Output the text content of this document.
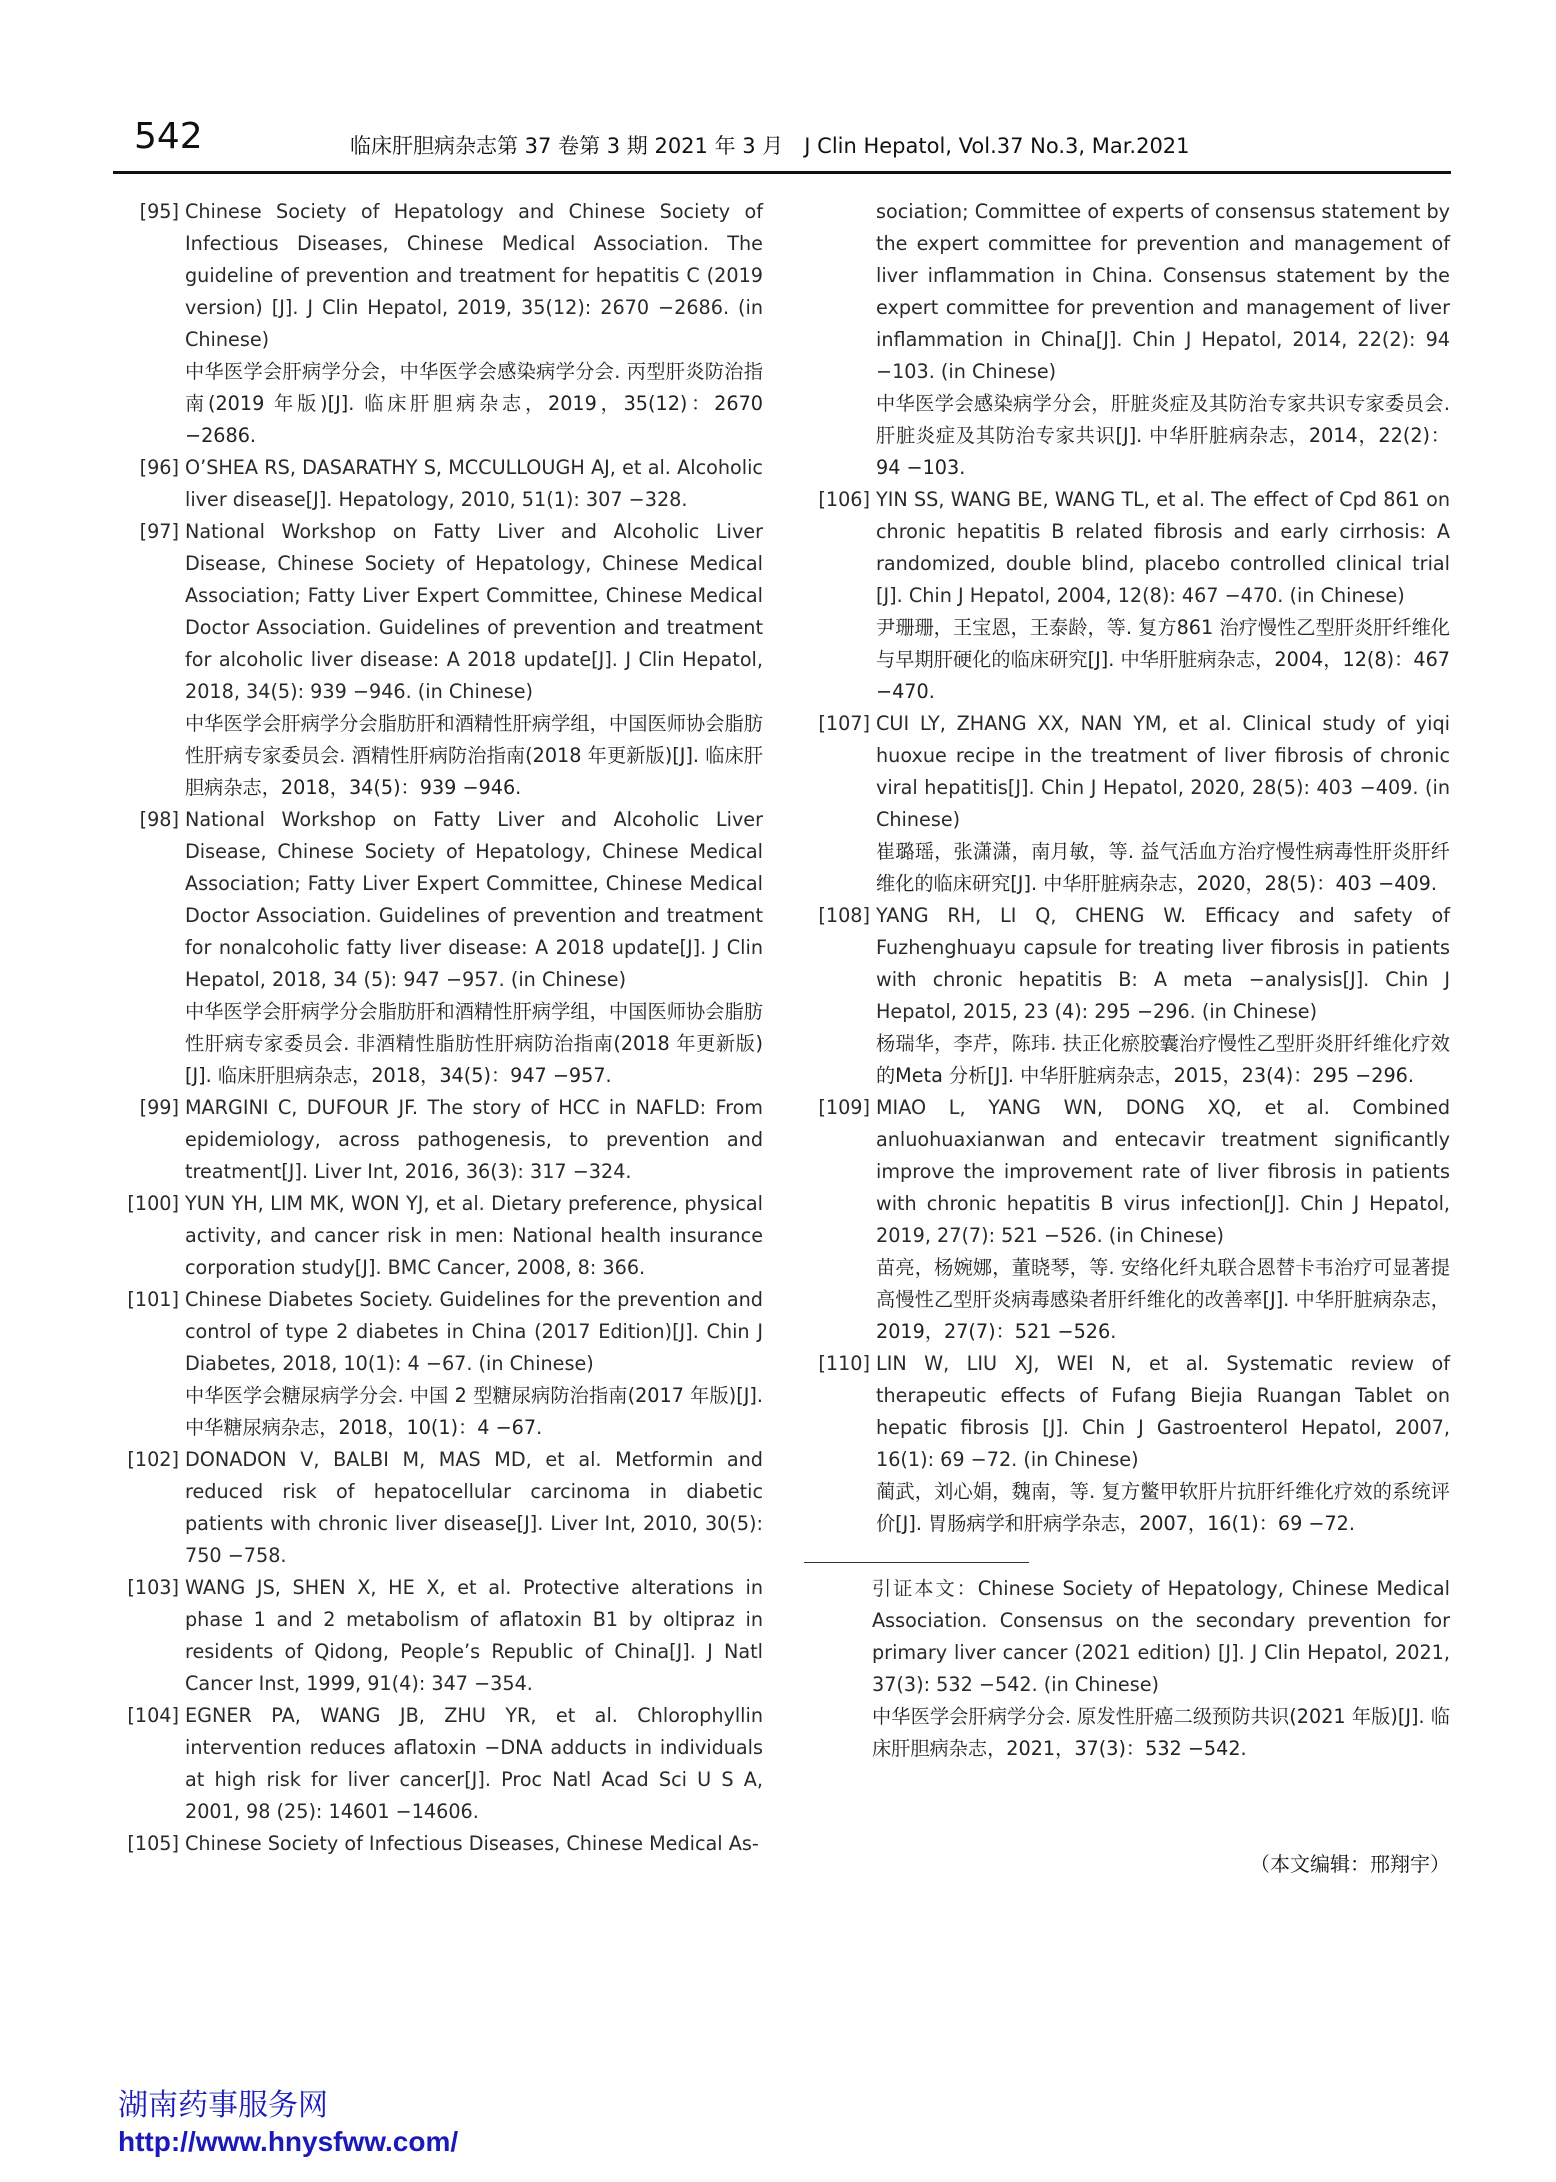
542	临床肝胆病杂志第 37 卷第 3 期 2021 年 3 月　J Clin Hepatol, Vol.37 No.3, Mar.2021
[95] Chinese Society of Hepatology and Chinese Society of Infectious Diseases, Chinese Medical Association. The guideline of prevention and treatment for hepatitis C (2019 version) [J]. J Clin Hepatol, 2019, 35(12): 2670 −2686. (in Chinese)
中华医学会肝病学分会，中华医学会感染病学分会. 丙型肝炎防治指南(2019 年版)[J]. 临床肝胆病杂志，2019，35(12)：2670 −2686.
[96] O’SHEA RS, DASARATHY S, MCCULLOUGH AJ, et al. Alcoholic liver disease[J]. Hepatology, 2010, 51(1): 307 −328.
[97] National Workshop on Fatty Liver and Alcoholic Liver Disease, Chinese Society of Hepatology, Chinese Medical Association; Fatty Liver Expert Committee, Chinese Medical Doctor Association. Guidelines of prevention and treatment for alcoholic liver disease: A 2018 update[J]. J Clin Hepatol, 2018, 34(5): 939 −946. (in Chinese)
中华医学会肝病学分会脂肪肝和酒精性肝病学组，中国医师协会脂肪性肝病专家委员会. 酒精性肝病防治指南(2018 年更新版)[J]. 临床肝胆病杂志，2018，34(5)：939 −946.
[98] National Workshop on Fatty Liver and Alcoholic Liver Disease, Chinese Society of Hepatology, Chinese Medical Association; Fatty Liver Expert Committee, Chinese Medical Doctor Association. Guidelines of prevention and treatment for nonalcoholic fatty liver disease: A 2018 update[J]. J Clin Hepatol, 2018, 34 (5): 947 −957. (in Chinese)
中华医学会肝病学分会脂肪肝和酒精性肝病学组，中国医师协会脂肪性肝病专家委员会. 非酒精性脂肪性肝病防治指南(2018 年更新版)[J]. 临床肝胆病杂志，2018，34(5)：947 −957.
[99] MARGINI C, DUFOUR JF. The story of HCC in NAFLD: From epidemiology, across pathogenesis, to prevention and treatment[J]. Liver Int, 2016, 36(3): 317 −324.
[100] YUN YH, LIM MK, WON YJ, et al. Dietary preference, physical activity, and cancer risk in men: National health insurance corporation study[J]. BMC Cancer, 2008, 8: 366.
[101] Chinese Diabetes Society. Guidelines for the prevention and control of type 2 diabetes in China (2017 Edition)[J]. Chin J Diabetes, 2018, 10(1): 4 −67. (in Chinese)
中华医学会糖尿病学分会. 中国 2 型糖尿病防治指南(2017 年版)[J]. 中华糖尿病杂志，2018，10(1)：4 −67.
[102] DONADON V, BALBI M, MAS MD, et al. Metformin and reduced risk of hepatocellular carcinoma in diabetic patients with chronic liver disease[J]. Liver Int, 2010, 30(5): 750 −758.
[103] WANG JS, SHEN X, HE X, et al. Protective alterations in phase 1 and 2 metabolism of aflatoxin B1 by oltipraz in residents of Qidong, People’s Republic of China[J]. J Natl Cancer Inst, 1999, 91(4): 347 −354.
[104] EGNER PA, WANG JB, ZHU YR, et al. Chlorophyllin intervention reduces aflatoxin −DNA adducts in individuals at high risk for liver cancer[J]. Proc Natl Acad Sci U S A, 2001, 98 (25): 14601 −14606.
[105] Chinese Society of Infectious Diseases, Chinese Medical As-
sociation; Committee of experts of consensus statement by the expert committee for prevention and management of liver inflammation in China. Consensus statement by the expert committee for prevention and management of liver inflammation in China[J]. Chin J Hepatol, 2014, 22(2): 94 −103. (in Chinese)
中华医学会感染病学分会，肝脏炎症及其防治专家共识专家委员会. 肝脏炎症及其防治专家共识[J]. 中华肝脏病杂志，2014，22(2)：94 −103.
[106] YIN SS, WANG BE, WANG TL, et al. The effect of Cpd 861 on chronic hepatitis B related fibrosis and early cirrhosis: A randomized, double blind, placebo controlled clinical trial [J]. Chin J Hepatol, 2004, 12(8): 467 −470. (in Chinese)
尹珊珊，王宝恩，王泰龄，等. 复方861 治疗慢性乙型肝炎肝纤维化与早期肝硬化的临床研究[J]. 中华肝脏病杂志，2004，12(8)：467 −470.
[107] CUI LY, ZHANG XX, NAN YM, et al. Clinical study of yiqi huoxue recipe in the treatment of liver fibrosis of chronic viral hepatitis[J]. Chin J Hepatol, 2020, 28(5): 403 −409. (in Chinese)
崔璐瑶，张潇潇，南月敏，等. 益气活血方治疗慢性病毒性肝炎肝纤维化的临床研究[J]. 中华肝脏病杂志，2020，28(5)：403 −409.
[108] YANG RH, LI Q, CHENG W. Efficacy and safety of Fuzhenghuayu capsule for treating liver fibrosis in patients with chronic hepatitis B: A meta −analysis[J]. Chin J Hepatol, 2015, 23 (4): 295 −296. (in Chinese)
杨瑞华，李芹，陈玮. 扶正化瘀胶囊治疗慢性乙型肝炎肝纤维化疗效的Meta 分析[J]. 中华肝脏病杂志，2015，23(4)：295 −296.
[109] MIAO L, YANG WN, DONG XQ, et al. Combined anluohuaxianwan and entecavir treatment significantly improve the improvement rate of liver fibrosis in patients with chronic hepatitis B virus infection[J]. Chin J Hepatol, 2019, 27(7): 521 −526. (in Chinese)
苗亮，杨婉娜，董晓琴，等. 安络化纤丸联合恩替卡韦治疗可显著提高慢性乙型肝炎病毒感染者肝纤维化的改善率[J]. 中华肝脏病杂志，2019，27(7)：521 −526.
[110] LIN W, LIU XJ, WEI N, et al. Systematic review of therapeutic effects of Fufang Biejia Ruangan Tablet on hepatic fibrosis [J]. Chin J Gastroenterol Hepatol, 2007, 16(1): 69 −72. (in Chinese)
蔺武，刘心娟，魏南，等. 复方鳖甲软肝片抗肝纤维化疗效的系统评价[J]. 胃肠病学和肝病学杂志，2007，16(1)：69 −72.
引证本文：Chinese Society of Hepatology, Chinese Medical Association. Consensus on the secondary prevention for primary liver cancer (2021 edition) [J]. J Clin Hepatol, 2021, 37(3): 532 −542. (in Chinese)
中华医学会肝病学分会. 原发性肝癌二级预防共识(2021 年版)[J]. 临床肝胆病杂志，2021，37(3)：532 −542.
（本文编辑：邢翔宇）
湖南药事服务网
http://www.hnysfww.com/
